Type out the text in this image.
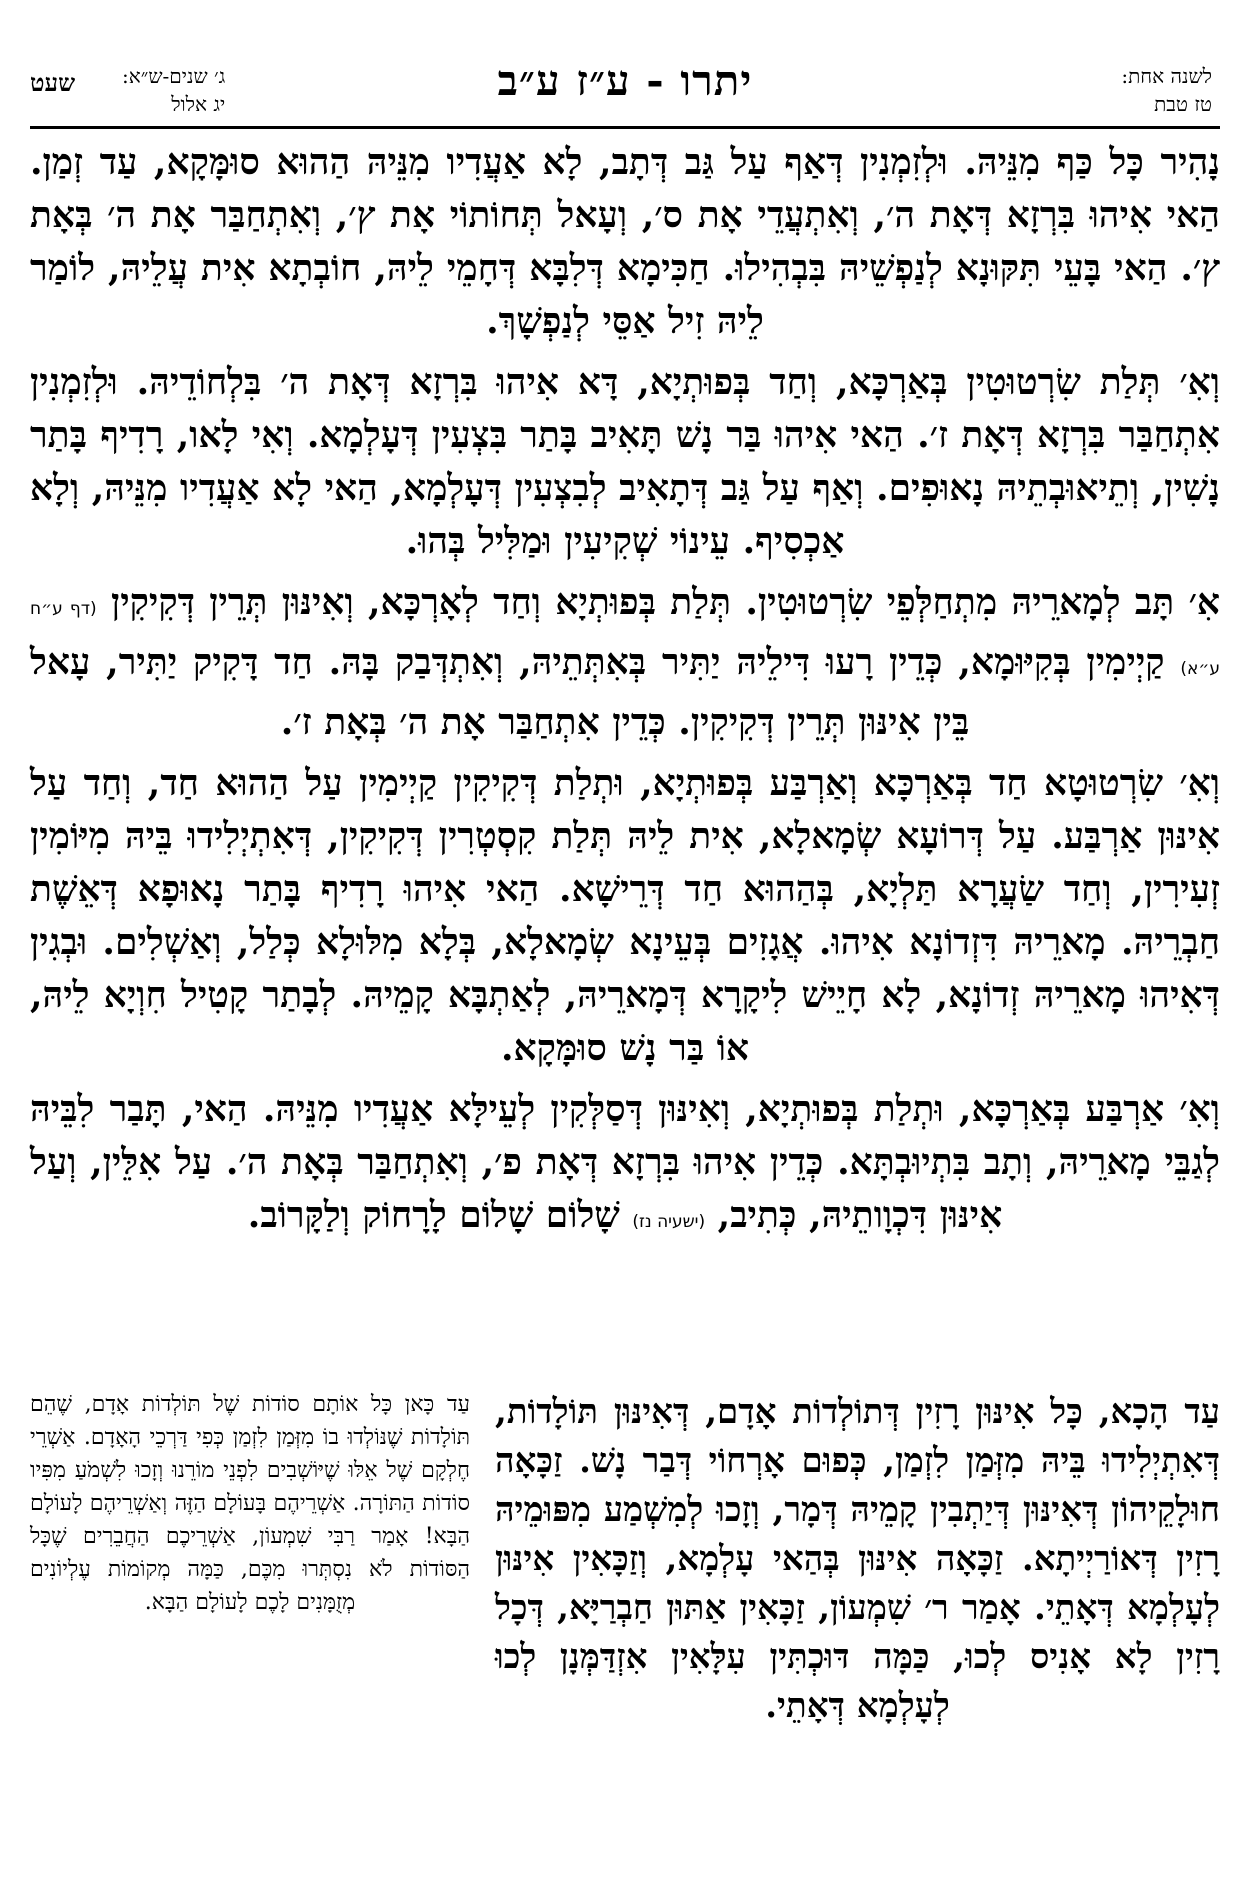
לשנה אחת:
טז טבת
יתרו - ע״ז ע״ב
ג׳ שנים-ש״א:
יג אלול
שעט

נָהִיר כָּל כַּף מִנֵּיהּ. וּלְזִמְנִין דְּאַף עַל גַּב דְּתָב, לָא אַעֲדִיו מִנֵּיהּ הַהוּא סוּמָּקָא, עַד זְמַן. הַאי אִיהוּ בִּרְזָא דְּאָת ה׳, וְאִתְעֲדֵי אָת ס׳, וְעָאל תְּחוֹתוֹי אָת ץ׳, וְאִתְחַבַּר אָת ה׳ בְּאָת ץ׳. הַאי בָּעֵי תִּקּוּנָא לְנַפְשֵׁיהּ בִּבְהִילוּ. חַכִּימָא דְּלִבָּא דְּחָמֵי לֵיהּ, חוֹבְתָא אִית עֲלֵיהּ, לוֹמַר לֵיהּ זִיל אַסֵּי לְנַפְשָׁךְ.

וְאִ׳ תְּלַת שִׂרְטוּטִין בְּאַרְכָּא, וְחַד בְּפוּתְיָא, דָּא אִיהוּ בִּרְזָא דְּאָת ה׳ בִּלְחוֹדֵיהּ. וּלְזִמְנִין אִתְחַבַּר בִּרְזָא דְּאָת ז׳. הַאי אִיהוּ בַּר נָשׁ תָּאִיב בָּתַר בִּצְעִין דְּעָלְמָא. וְאִי לָאו, רָדִיף בָּתַר נָשִׁין, וְתֵיאוּבְתֵיהּ נָאוּפִים. וְאַף עַל גַּב דְּתָאִיב לְבִצְעִין דְּעָלְמָא, הַאי לָא אַעֲדִיו מִנֵּיהּ, וְלָא אַכְסִיף. עֵינוֹי שְׁקִיעִין וּמַלִּיל בְּהוּ.

אִ׳ תָּב לְמָארֵיהּ מִתְחַלְּפֵי שִׂרְטוּטִין. תְּלַת בְּפוּתְיָא וְחַד לְאָרְכָּא, וְאִינּוּן תְּרֵין דְּקִיקִין (דף ע״ח ע״א) קַיְימִין בְּקִיּוּמָא, כְּדֵין רָעוּ דִּילֵיהּ יַתִּיר בְּאִתְּתֵיהּ, וְאִתְדְּבַק בָּהּ. חַד דָּקִיק יַתִּיר, עָאל בֵּין אִינּוּן תְּרֵין דְּקִיקִין. כְּדֵין אִתְחַבַּר אָת ה׳ בְּאָת ז׳.

וְאִ׳ שִׂרְטוּטָא חַד בְּאַרְכָּא וְאַרְבַּע בְּפוּתְיָא, וּתְלַת דְּקִיקִין קַיְימִין עַל הַהוּא חַד, וְחַד עַל אִינּוּן אַרְבַּע. עַל דְּרוֹעָא שְׂמָאלָא, אִית לֵיהּ תְּלַת קִסְטְרִין דְּקִיקִין, דְּאִתְיְלִידוּ בֵּיהּ מִיּוֹמִין זְעִירִין, וְחַד שַׂעֲרָא תַּלְיָא, בְּהַהוּא חַד דְּרֵישָׁא. הַאי אִיהוּ רָדִיף בָּתַר נָאוּפָא דְּאֵשֶׁת חַבְרֵיהּ. מָארֵיהּ דִּזְדוֹנָא אִיהוּ. אֲגָזִים בְּעֵינָא שְׂמָאלָא, בְּלָא מִלּוּלָא כְּלַל, וְאַשְׁלִים. וּבְגִין דְּאִיהוּ מָארֵיהּ זְדוֹנָא, לָא חָיֵישׁ לִיקָרָא דְּמָארֵיהּ, לְאַתְבָּא קָמֵיהּ. לְבָתַר קָטִיל חִוְיָא לֵיהּ, אוֹ בַּר נָשׁ סוּמָּקָא.

וְאִ׳ אַרְבַּע בְּאַרְכָּא, וּתְלַת בְּפוּתְיָא, וְאִינּוּן דְּסַלְּקִין לְעֵילָּא אַעֲדִיו מִנֵּיהּ. הַאי, תָּבַר לִבֵּיהּ לְגַבֵּי מָארֵיהּ, וְתָב בִּתְיוּבְתָּא. כְּדֵין אִיהוּ בִּרְזָא דְּאָת פ׳, וְאִתְחַבַּר בְּאָת ה׳. עַל אִלֵּין, וְעַל אִינּוּן דִּכְוָותֵיהּ, כְּתִיב, (ישעיה נז) שָׁלוֹם שָׁלוֹם לָרָחוֹק וְלַקָּרוֹב.

עַד הָכָא, כָּל אִינּוּן רָזִין דְּתוֹלְדוֹת אָדָם, דְּאִינּוּן תּוֹלָדוֹת, דְּאִתְיְלִידוּ בֵּיהּ מִזְּמַן לִזְמַן, כְּפוּם אָרְחוֹי דְּבַר נָשׁ. זַכָּאָה חוּלָקֵיהוֹן דְּאִינּוּן דְּיַתְבִין קָמֵיהּ דְּמָר, וְזָכוּ לְמִשְׁמַע מִפּוּמֵיהּ רָזִין דְּאוֹרַיְיתָא. זַכָּאָה אִינּוּן בְּהַאי עָלְמָא, וְזַכָּאִין אִינּוּן לְעָלְמָא דְּאָתֵי. אָמַר ר׳ שִׁמְעוֹן, זַכָּאִין אַתּוּן חַבְרַיָּא, דְּכָל רָזִין לָא אָנִיס לְכוּ, כַּמָּה דּוּכְתִּין עִלָּאִין אִזְדַּמְּנָן לְכוּ לְעָלְמָא דְּאָתֵי.

עַד כָּאן כָּל אוֹתָם סוֹדוֹת שֶׁל תּוֹלְדוֹת אָדָם, שֶׁהֵם תּוֹלָדוֹת שֶׁנּוֹלְדוּ בוֹ מִזְּמַן לִזְמַן כְּפִי דַּרְכֵי הָאָדָם. אַשְׁרֵי חֶלְקָם שֶׁל אֵלּוּ שֶׁיּוֹשְׁבִים לִפְנֵי מוֹרֵנוּ וְזָכוּ לִשְׁמֹעַ מִפִּיו סוֹדוֹת הַתּוֹרָה. אַשְׁרֵיהֶם בָּעוֹלָם הַזֶּה וְאַשְׁרֵיהֶם לָעוֹלָם הַבָּא! אָמַר רַבִּי שִׁמְעוֹן, אַשְׁרֵיכֶם הַחֲבֵרִים שֶׁכָּל הַסּוֹדוֹת לֹא נִסְתְּרוּ מִכֶּם, כַּמָּה מְקוֹמוֹת עֶלְיוֹנִים מְזֻמָּנִים לָכֶם לָעוֹלָם הַבָּא.
